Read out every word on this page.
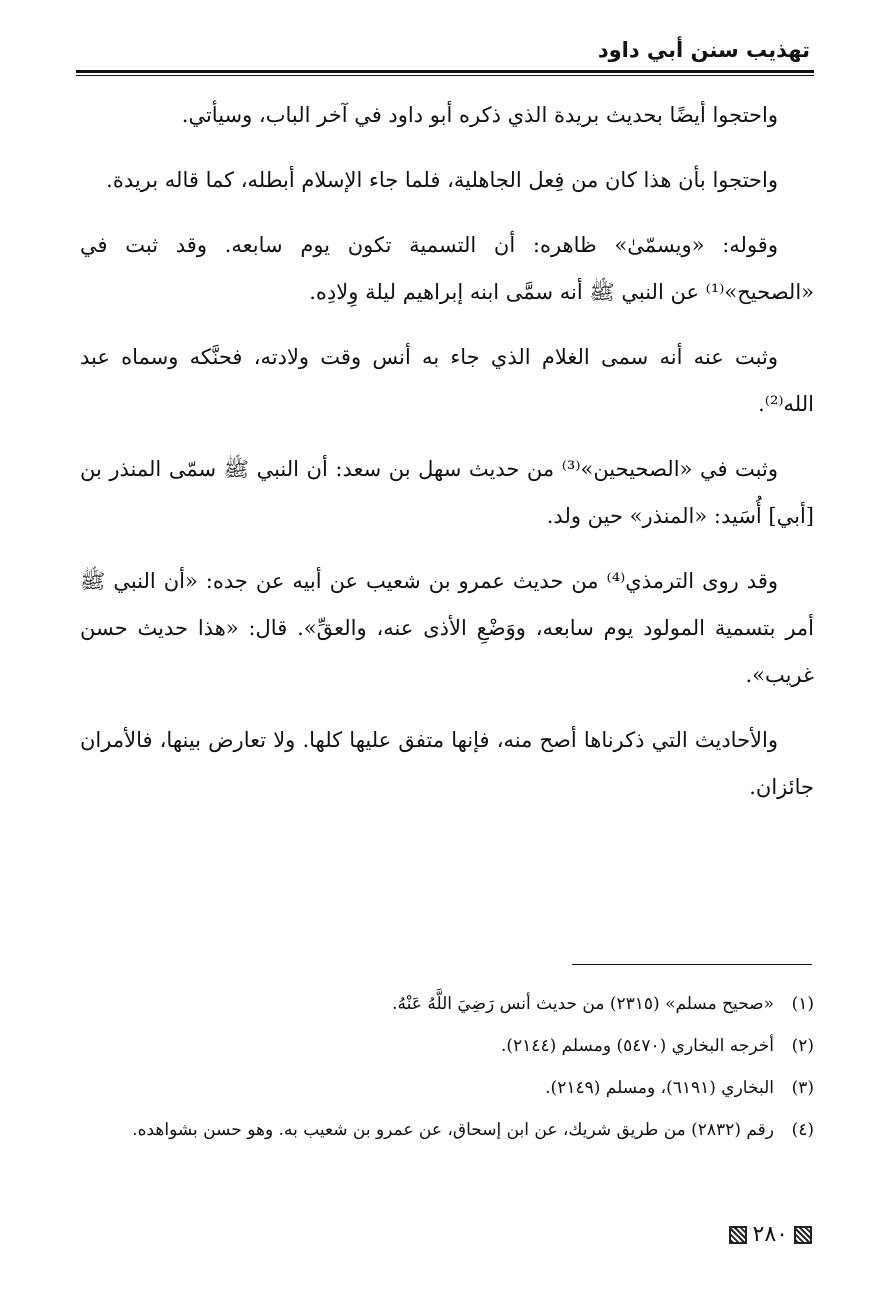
تهذيب سنن أبي داود

واحتجوا أيضًا بحديث بريدة الذي ذكره أبو داود في آخر الباب، وسيأتي.

واحتجوا بأن هذا كان من فِعل الجاهلية، فلما جاء الإسلام أبطله، كما قاله بريدة.

وقوله: «ويسمّىٰ» ظاهره: أن التسمية تكون يوم سابعه. وقد ثبت في «الصحيح»⁽¹⁾ عن النبي ﷺ أنه سمَّى ابنه إبراهيم ليلة وِلادِه.

وثبت عنه أنه سمى الغلام الذي جاء به أنس وقت ولادته، فحنَّكه وسماه عبد الله⁽²⁾.

وثبت في «الصحيحين»⁽³⁾ من حديث سهل بن سعد: أن النبي ﷺ سمّى المنذر بن [أبي] أُسَيد: «المنذر» حين ولد.

وقد روى الترمذي⁽⁴⁾ من حديث عمرو بن شعيب عن أبيه عن جده: «أن النبي ﷺ أمر بتسمية المولود يوم سابعه، ووَضْعِ الأذى عنه، والعقِّ». قال: «هذا حديث حسن غريب».

والأحاديث التي ذكرناها أصح منه، فإنها متفق عليها كلها. ولا تعارض بينها، فالأمران جائزان.

(١)
«صحيح مسلم» (٢٣١٥) من حديث أنس رَضِيَ اللَّهُ عَنْهُ.
(٢)
أخرجه البخاري (٥٤٧٠) ومسلم (٢١٤٤).
(٣)
البخاري (٦١٩١)، ومسلم (٢١٤٩).
(٤)
رقم (٢٨٣٢) من طريق شريك، عن ابن إسحاق، عن عمرو بن شعيب به. وهو حسن بشواهده.
٢٨٠
